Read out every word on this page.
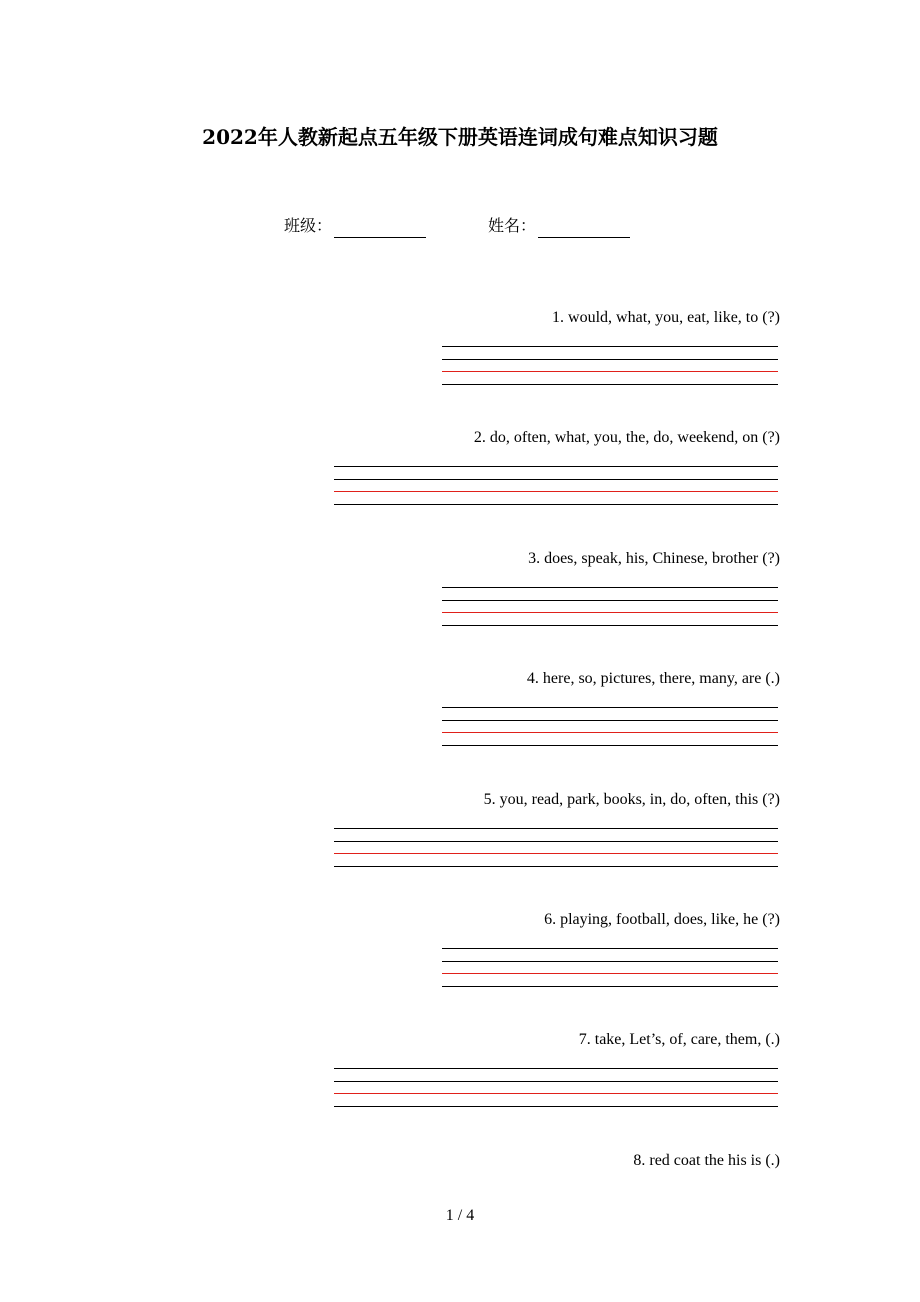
2022年人教新起点五年级下册英语连词成句难点知识习题
班级：	姓名：
1. would, what, you, eat, like, to (?)
2. do, often, what, you, the, do, weekend, on (?)
3. does, speak, his, Chinese, brother (?)
4. here, so, pictures, there, many, are (.)
5. you, read, park, books, in, do, often, this (?)
6. playing, football, does, like, he (?)
7. take, Let’s, of, care, them, (.)
8. red coat the his is (.)
1 / 4
